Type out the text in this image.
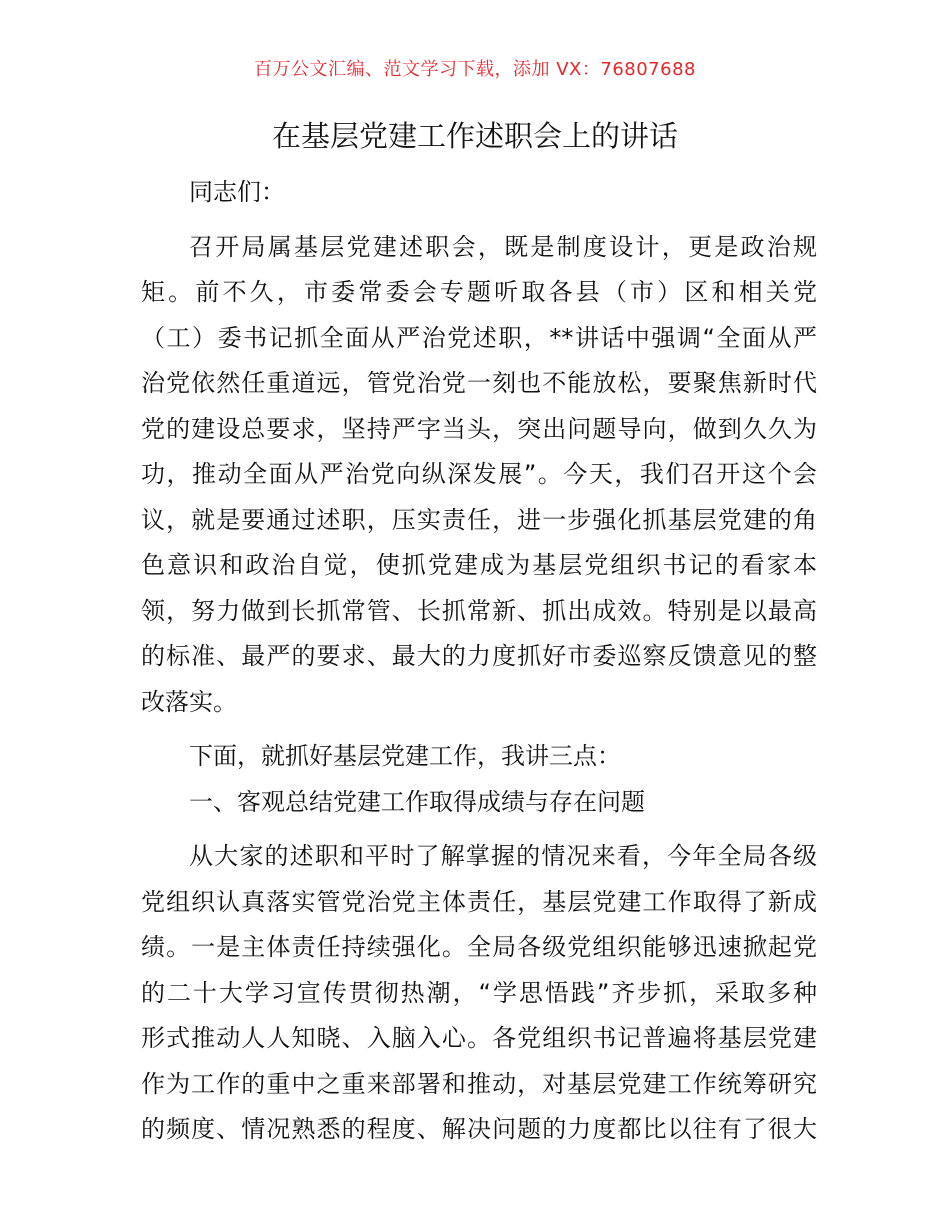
百万公文汇编、范文学习下载，添加 VX：76807688
在基层党建工作述职会上的讲话
同志们：
召开局属基层党建述职会，既是制度设计，更是政治规
矩。前不久，市委常委会专题听取各县（市）区和相关党
（工）委书记抓全面从严治党述职，**讲话中强调“全面从严
治党依然任重道远，管党治党一刻也不能放松，要聚焦新时代
党的建设总要求，坚持严字当头，突出问题导向，做到久久为
功，推动全面从严治党向纵深发展”。今天，我们召开这个会
议，就是要通过述职，压实责任，进一步强化抓基层党建的角
色意识和政治自觉，使抓党建成为基层党组织书记的看家本
领，努力做到长抓常管、长抓常新、抓出成效。特别是以最高
的标准、最严的要求、最大的力度抓好市委巡察反馈意见的整
改落实。
下面，就抓好基层党建工作，我讲三点：
一、客观总结党建工作取得成绩与存在问题
从大家的述职和平时了解掌握的情况来看，今年全局各级
党组织认真落实管党治党主体责任，基层党建工作取得了新成
绩。一是主体责任持续强化。全局各级党组织能够迅速掀起党
的二十大学习宣传贯彻热潮，“学思悟践”齐步抓，采取多种
形式推动人人知晓、入脑入心。各党组织书记普遍将基层党建
作为工作的重中之重来部署和推动，对基层党建工作统筹研究
的频度、情况熟悉的程度、解决问题的力度都比以往有了很大
